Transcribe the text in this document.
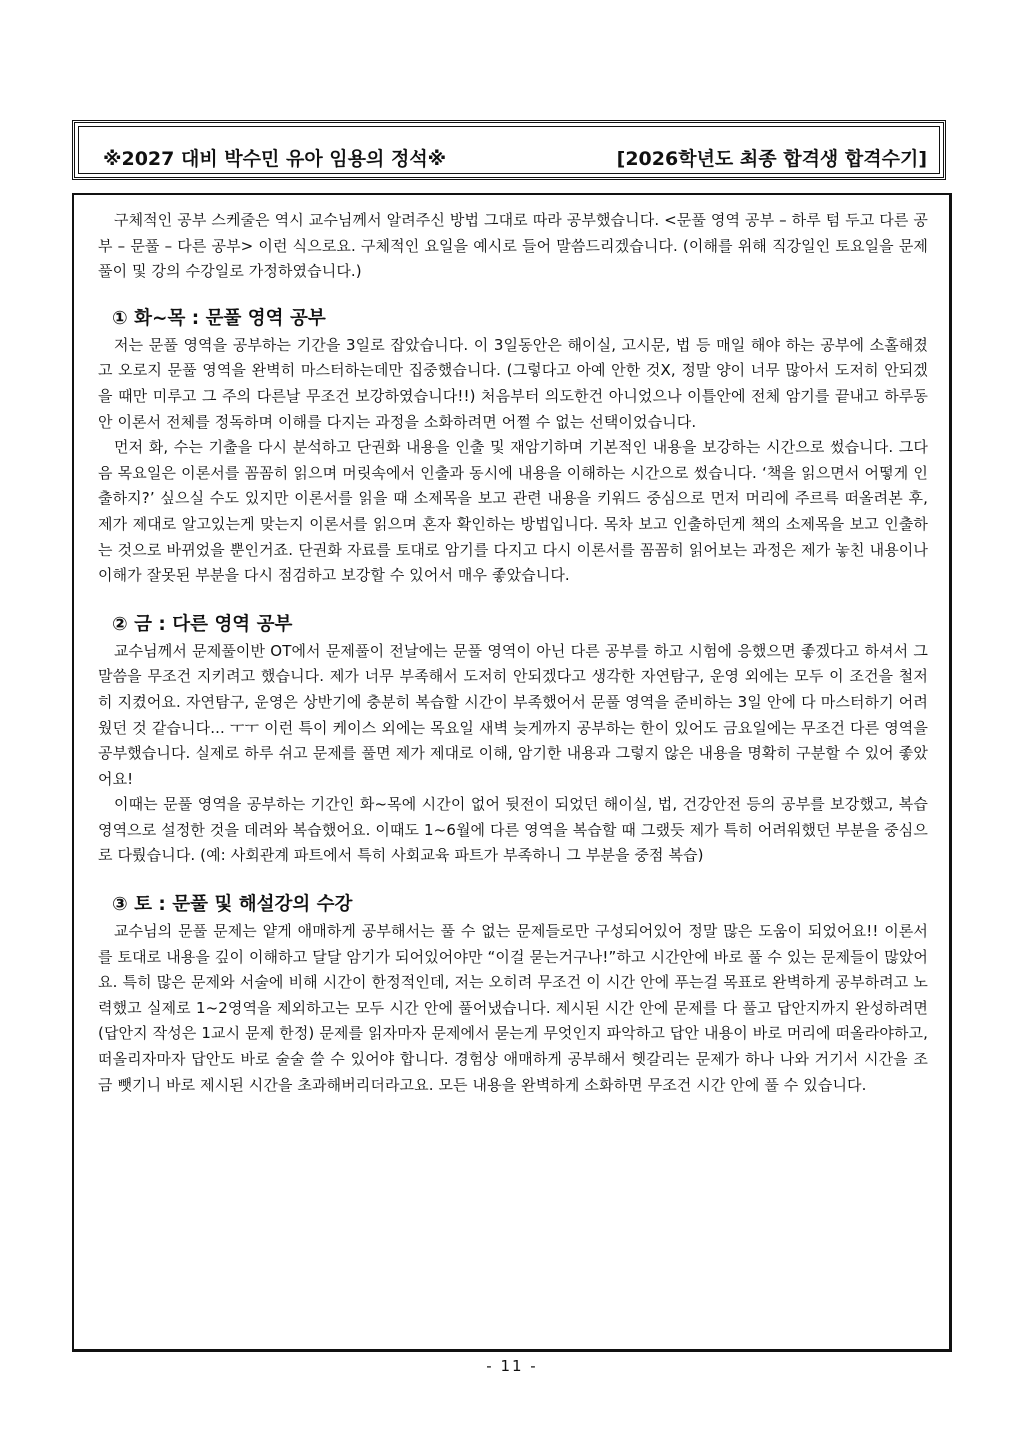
※2027 대비 박수민 유아 임용의 정석※	[2026학년도 최종 합격생 합격수기]

구체적인 공부 스케줄은 역시 교수님께서 알려주신 방법 그대로 따라 공부했습니다. <문풀 영역 공부 – 하루 텀 두고 다른 공부 – 문풀 – 다른 공부> 이런 식으로요. 구체적인 요일을 예시로 들어 말씀드리겠습니다. (이해를 위해 직강일인 토요일을 문제풀이 및 강의 수강일로 가정하였습니다.)

① 화~목 : 문풀 영역 공부

저는 문풀 영역을 공부하는 기간을 3일로 잡았습니다. 이 3일동안은 해이실, 고시문, 법 등 매일 해야 하는 공부에 소홀해졌고 오로지 문풀 영역을 완벽히 마스터하는데만 집중했습니다. (그렇다고 아예 안한 것X, 정말 양이 너무 많아서 도저히 안되겠을 때만 미루고 그 주의 다른날 무조건 보강하였습니다!!) 처음부터 의도한건 아니었으나 이틀안에 전체 암기를 끝내고 하루동안 이론서 전체를 정독하며 이해를 다지는 과정을 소화하려면 어쩔 수 없는 선택이었습니다.

먼저 화, 수는 기출을 다시 분석하고 단권화 내용을 인출 및 재암기하며 기본적인 내용을 보강하는 시간으로 썼습니다. 그다음 목요일은 이론서를 꼼꼼히 읽으며 머릿속에서 인출과 동시에 내용을 이해하는 시간으로 썼습니다. ‘책을 읽으면서 어떻게 인출하지?’ 싶으실 수도 있지만 이론서를 읽을 때 소제목을 보고 관련 내용을 키워드 중심으로 먼저 머리에 주르륵 떠올려본 후, 제가 제대로 알고있는게 맞는지 이론서를 읽으며 혼자 확인하는 방법입니다. 목차 보고 인출하던게 책의 소제목을 보고 인출하는 것으로 바뀌었을 뿐인거죠. 단권화 자료를 토대로 암기를 다지고 다시 이론서를 꼼꼼히 읽어보는 과정은 제가 놓친 내용이나 이해가 잘못된 부분을 다시 점검하고 보강할 수 있어서 매우 좋았습니다.

② 금 : 다른 영역 공부

교수님께서 문제풀이반 OT에서 문제풀이 전날에는 문풀 영역이 아닌 다른 공부를 하고 시험에 응했으면 좋겠다고 하셔서 그 말씀을 무조건 지키려고 했습니다. 제가 너무 부족해서 도저히 안되겠다고 생각한 자연탐구, 운영 외에는 모두 이 조건을 철저히 지켰어요. 자연탐구, 운영은 상반기에 충분히 복습할 시간이 부족했어서 문풀 영역을 준비하는 3일 안에 다 마스터하기 어려웠던 것 같습니다... ㅜㅜ 이런 특이 케이스 외에는 목요일 새벽 늦게까지 공부하는 한이 있어도 금요일에는 무조건 다른 영역을 공부했습니다. 실제로 하루 쉬고 문제를 풀면 제가 제대로 이해, 암기한 내용과 그렇지 않은 내용을 명확히 구분할 수 있어 좋았어요!

이때는 문풀 영역을 공부하는 기간인 화~목에 시간이 없어 뒷전이 되었던 해이실, 법, 건강안전 등의 공부를 보강했고, 복습 영역으로 설정한 것을 데려와 복습했어요. 이때도 1~6월에 다른 영역을 복습할 때 그랬듯 제가 특히 어려워했던 부분을 중심으로 다뤘습니다. (예: 사회관계 파트에서 특히 사회교육 파트가 부족하니 그 부분을 중점 복습)

③ 토 : 문풀 및 해설강의 수강

교수님의 문풀 문제는 얕게 애매하게 공부해서는 풀 수 없는 문제들로만 구성되어있어 정말 많은 도움이 되었어요!! 이론서를 토대로 내용을 깊이 이해하고 달달 암기가 되어있어야만 “이걸 묻는거구나!”하고 시간안에 바로 풀 수 있는 문제들이 많았어요. 특히 많은 문제와 서술에 비해 시간이 한정적인데, 저는 오히려 무조건 이 시간 안에 푸는걸 목표로 완벽하게 공부하려고 노력했고 실제로 1~2영역을 제외하고는 모두 시간 안에 풀어냈습니다. 제시된 시간 안에 문제를 다 풀고 답안지까지 완성하려면(답안지 작성은 1교시 문제 한정) 문제를 읽자마자 문제에서 묻는게 무엇인지 파악하고 답안 내용이 바로 머리에 떠올라야하고, 떠올리자마자 답안도 바로 술술 쓸 수 있어야 합니다. 경험상 애매하게 공부해서 헷갈리는 문제가 하나 나와 거기서 시간을 조금 뺏기니 바로 제시된 시간을 초과해버리더라고요. 모든 내용을 완벽하게 소화하면 무조건 시간 안에 풀 수 있습니다.

- 11 -
